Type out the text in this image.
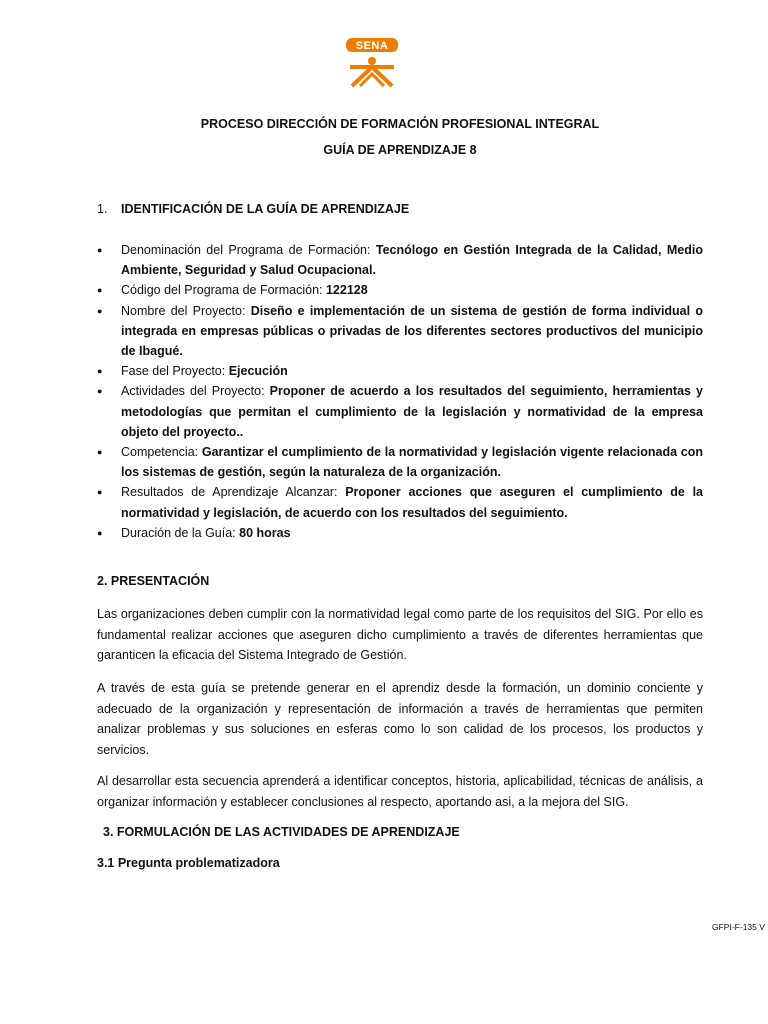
SENA
PROCESO DIRECCIÓN DE FORMACIÓN PROFESIONAL INTEGRAL
GUÍA DE APRENDIZAJE 8
1. IDENTIFICACIÓN DE LA GUÍA DE APRENDIZAJE
● Denominación del Programa de Formación: Tecnólogo en Gestión Integrada de la Calidad, Medio Ambiente, Seguridad y Salud Ocupacional.
● Código del Programa de Formación: 122128
● Nombre del Proyecto: Diseño e implementación de un sistema de gestión de forma individual o integrada en empresas públicas o privadas de los diferentes sectores productivos del municipio de Ibagué.
● Fase del Proyecto: Ejecución
● Actividades del Proyecto: Proponer de acuerdo a los resultados del seguimiento, herramientas y metodologías que permitan el cumplimiento de la legislación y normatividad de la empresa objeto del proyecto..
● Competencia: Garantizar el cumplimiento de la normatividad y legislación vigente relacionada con los sistemas de gestión, según la naturaleza de la organización.
● Resultados de Aprendizaje Alcanzar: Proponer acciones que aseguren el cumplimiento de la normatividad y legislación, de acuerdo con los resultados del seguimiento.
● Duración de la Guía: 80 horas
2. PRESENTACIÓN

Las organizaciones deben cumplir con la normatividad legal como parte de los requisitos del SIG. Por ello es fundamental realizar acciones que aseguren dicho cumplimiento a través de diferentes herramientas que garanticen la eficacia del Sistema Integrado de Gestión.

A través de esta guía se pretende generar en el aprendiz desde la formación, un dominio conciente y adecuado de la organización y representación de información a través de herramientas que permiten analizar problemas y sus soluciones en esferas como lo son calidad de los procesos, los productos y servicios.

Al desarrollar esta secuencia aprenderá a identificar conceptos, historia, aplicabilidad, técnicas de análisis, a organizar información y establecer conclusiones al respecto, aportando asi, a la mejora del SIG.

3. FORMULACIÓN DE LAS ACTIVIDADES DE APRENDIZAJE
3.1 Pregunta problematizadora
GFPI-F-135 V
